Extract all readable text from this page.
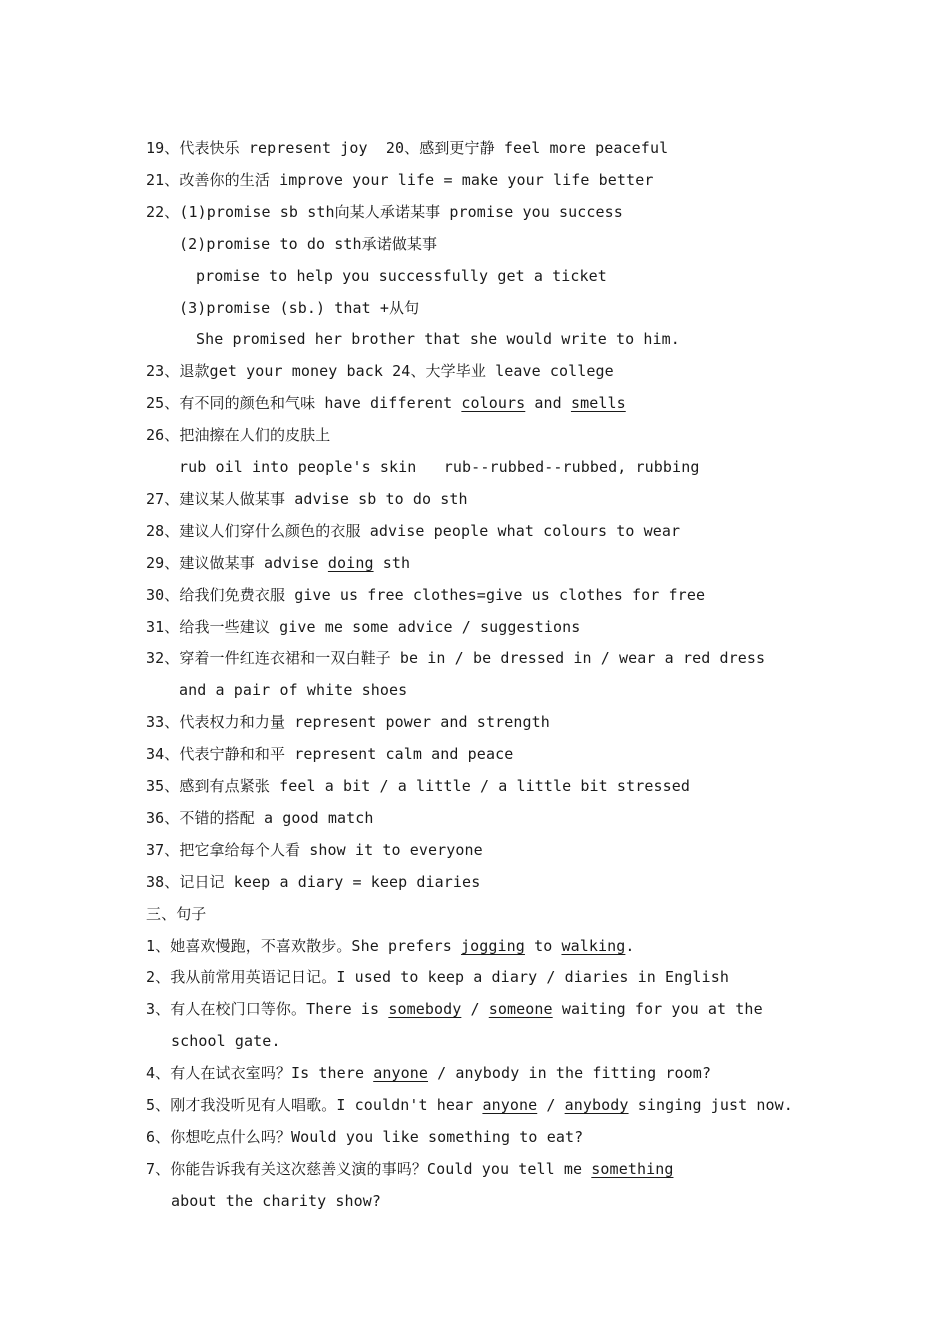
19、代表快乐 represent joy  20、感到更宁静 feel more peaceful
21、改善你的生活 improve your life = make your life better
22、(1)promise sb sth向某人承诺某事 promise you success
(2)promise to do sth承诺做某事
promise to help you successfully get a ticket
(3)promise (sb.) that +从句
She promised her brother that she would write to him.
23、退款get your money back 24、大学毕业 leave college
25、有不同的颜色和气味 have different colours and smells
26、把油擦在人们的皮肤上
rub oil into people's skin   rub--rubbed--rubbed, rubbing
27、建议某人做某事 advise sb to do sth
28、建议人们穿什么颜色的衣服 advise people what colours to wear
29、建议做某事 advise doing sth
30、给我们免费衣服 give us free clothes=give us clothes for free
31、给我一些建议 give me some advice / suggestions
32、穿着一件红连衣裙和一双白鞋子 be in / be dressed in / wear a red dress
and a pair of white shoes
33、代表权力和力量 represent power and strength
34、代表宁静和和平 represent calm and peace
35、感到有点紧张 feel a bit / a little / a little bit stressed
36、不错的搭配 a good match
37、把它拿给每个人看 show it to everyone
38、记日记 keep a diary = keep diaries
三、句子
1、她喜欢慢跑，不喜欢散步。She prefers jogging to walking.
2、我从前常用英语记日记。I used to keep a diary / diaries in English
3、有人在校门口等你。There is somebody / someone waiting for you at the
school gate.
4、有人在试衣室吗？Is there anyone / anybody in the fitting room?
5、刚才我没听见有人唱歌。I couldn't hear anyone / anybody singing just now.
6、你想吃点什么吗？Would you like something to eat?
7、你能告诉我有关这次慈善义演的事吗？Could you tell me something
about the charity show?
